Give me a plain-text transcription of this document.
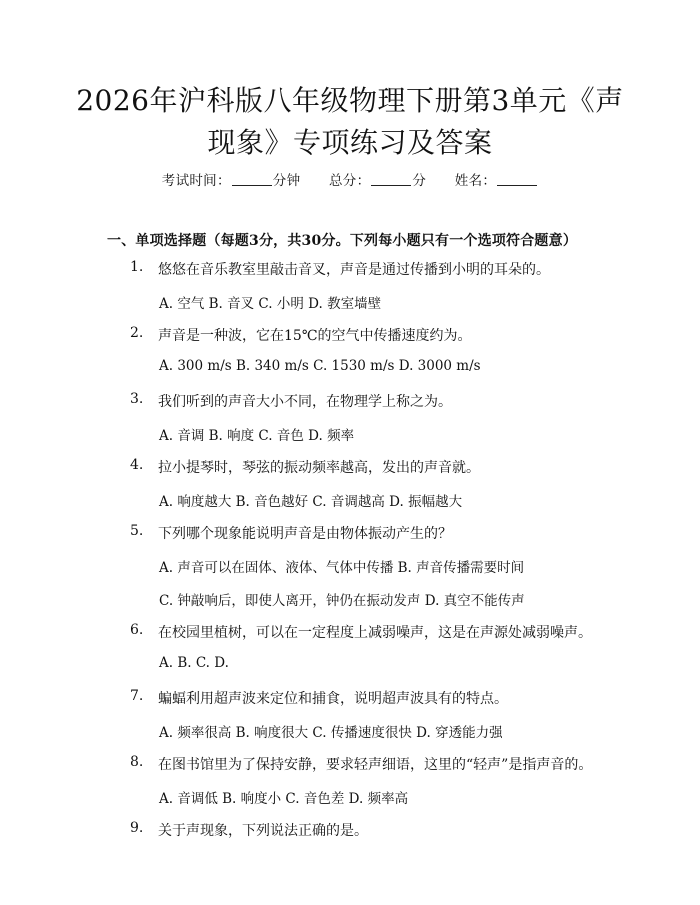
2026年沪科版八年级物理下册第3单元《声
现象》专项练习及答案
考试时间：	分钟 总分：	分 姓名：
一、单项选择题（每题3分，共30分。下列每小题只有一个选项符合题意）
1. 悠悠在音乐教室里敲击音叉，声音是通过传播到小明的耳朵的。
A. 空气 B. 音叉 C. 小明 D. 教室墙壁
2. 声音是一种波，它在15℃的空气中传播速度约为。
A. 300 m/s B. 340 m/s C. 1530 m/s D. 3000 m/s
3. 我们听到的声音大小不同，在物理学上称之为。
A. 音调 B. 响度 C. 音色 D. 频率
4. 拉小提琴时，琴弦的振动频率越高，发出的声音就。
A. 响度越大 B. 音色越好 C. 音调越高 D. 振幅越大
5. 下列哪个现象能说明声音是由物体振动产生的？
A. 声音可以在固体、液体、气体中传播 B. 声音传播需要时间
C. 钟敲响后，即使人离开，钟仍在振动发声 D. 真空不能传声
6. 在校园里植树，可以在一定程度上减弱噪声，这是在声源处减弱噪声。
A. B. C. D.
7. 蝙蝠利用超声波来定位和捕食，说明超声波具有的特点。
A. 频率很高 B. 响度很大 C. 传播速度很快 D. 穿透能力强
8. 在图书馆里为了保持安静，要求轻声细语，这里的“轻声”是指声音的。
A. 音调低 B. 响度小 C. 音色差 D. 频率高
9. 关于声现象，下列说法正确的是。
